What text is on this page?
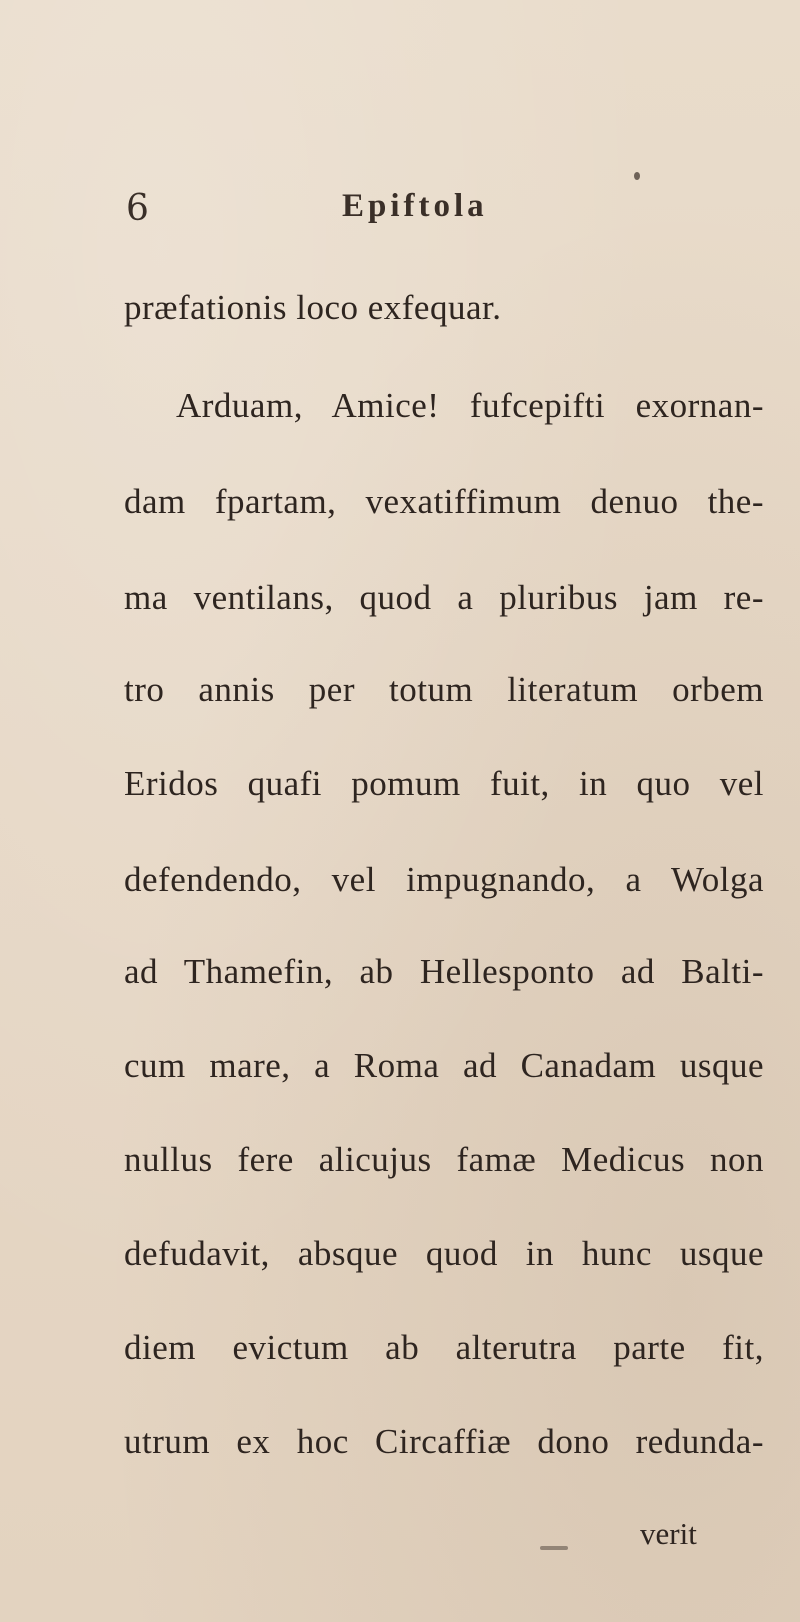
6	Epiftola
præfationis loco exfequar.
Arduam, Amice! fufcepifti exornan-
dam fpartam, vexatiffimum denuo the-
ma ventilans, quod a pluribus jam re-
tro annis per totum literatum orbem
Eridos quafi pomum fuit, in quo vel
defendendo, vel impugnando, a Wolga
ad Thamefin, ab Hellesponto ad Balti-
cum mare, a Roma ad Canadam usque
nullus fere alicujus famæ Medicus non
defudavit, absque quod in hunc usque
diem evictum ab alterutra parte fit,
utrum ex hoc Circaffiæ dono redunda-
verit
